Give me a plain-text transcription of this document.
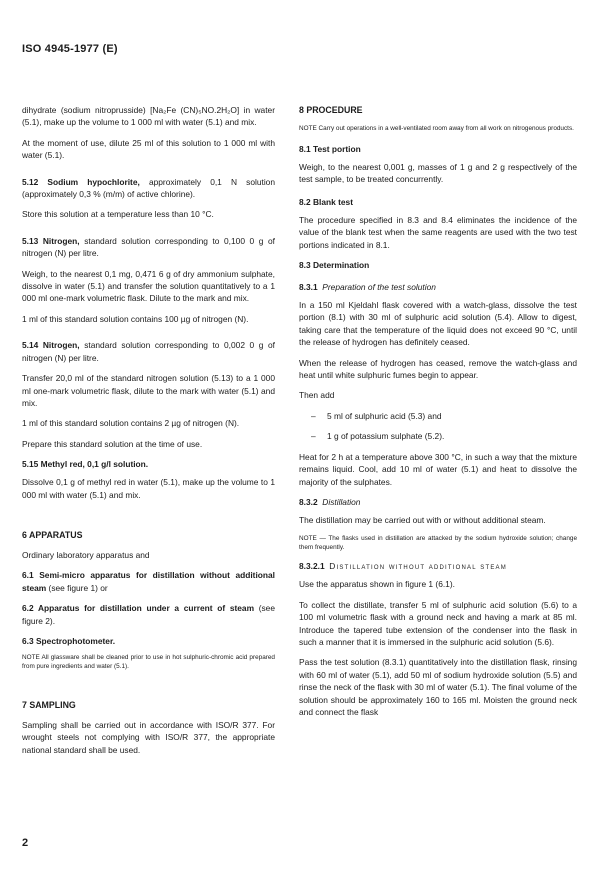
ISO 4945-1977 (E)

dihydrate (sodium nitroprusside) [Na₂Fe (CN)₅NO.2H₂O] in water (5.1), make up the volume to 1 000 ml with water (5.1) and mix.

At the moment of use, dilute 25 ml of this solution to 1 000 ml with water (5.1).

5.12 Sodium hypochlorite, approximately 0,1 N solution (approximately 0,3 % (m/m) of active chlorine).

Store this solution at a temperature less than 10 °C.

5.13 Nitrogen, standard solution corresponding to 0,100 0 g of nitrogen (N) per litre.

Weigh, to the nearest 0,1 mg, 0,471 6 g of dry ammonium sulphate, dissolve in water (5.1) and transfer the solution quantitatively to a 1 000 ml one-mark volumetric flask. Dilute to the mark and mix.

1 ml of this standard solution contains 100 µg of nitrogen (N).

5.14 Nitrogen, standard solution corresponding to 0,002 0 g of nitrogen (N) per litre.

Transfer 20,0 ml of the standard nitrogen solution (5.13) to a 1 000 ml one-mark volumetric flask, dilute to the mark with water (5.1) and mix.

1 ml of this standard solution contains 2 µg of nitrogen (N).

Prepare this standard solution at the time of use.

5.15 Methyl red, 0,1 g/l solution.

Dissolve 0,1 g of methyl red in water (5.1), make up the volume to 1 000 ml with water (5.1) and mix.

6 APPARATUS

Ordinary laboratory apparatus and

6.1 Semi-micro apparatus for distillation without additional steam (see figure 1) or

6.2 Apparatus for distillation under a current of steam (see figure 2).

6.3 Spectrophotometer.

NOTE All glassware shall be cleaned prior to use in hot sulphuric-chromic acid prepared from pure ingredients and water (5.1).

7 SAMPLING

Sampling shall be carried out in accordance with ISO/R 377. For wrought steels not complying with ISO/R 377, the appropriate national standard shall be used.

8 PROCEDURE

NOTE Carry out operations in a well-ventilated room away from all work on nitrogenous products.

8.1 Test portion

Weigh, to the nearest 0,001 g, masses of 1 g and 2 g respectively of the test sample, to be treated concurrently.

8.2 Blank test

The procedure specified in 8.3 and 8.4 eliminates the incidence of the value of the blank test when the same reagents are used with the two test portions indicated in 8.1.

8.3 Determination
8.3.1 Preparation of the test solution

In a 150 ml Kjeldahl flask covered with a watch-glass, dissolve the test portion (8.1) with 30 ml of sulphuric acid solution (5.4). Allow to digest, taking care that the temperature of the liquid does not exceed 90 °C, until the release of hydrogen has definitely ceased.

When the release of hydrogen has ceased, remove the watch-glass and heat until white sulphuric fumes begin to appear.

Then add

–	5 ml of sulphuric acid (5.3) and
–	1 g of potassium sulphate (5.2).

Heat for 2 h at a temperature above 300 °C, in such a way that the mixture remains liquid. Cool, add 10 ml of water (5.1) and heat to dissolve the majority of the sulphates.

8.3.2 Distillation

The distillation may be carried out with or without additional steam.

NOTE — The flasks used in distillation are attacked by the sodium hydroxide solution; change them frequently.

8.3.2.1 Distillation without additional steam

Use the apparatus shown in figure 1 (6.1).

To collect the distillate, transfer 5 ml of sulphuric acid solution (5.6) to a 100 ml volumetric flask with a ground neck and having a mark at 85 ml. Introduce the tapered tube extension of the condenser into the flask in such a manner that it is immersed in the sulphuric acid solution (5.6).

Pass the test solution (8.3.1) quantitatively into the distillation flask, rinsing with 60 ml of water (5.1), add 50 ml of sodium hydroxide solution (5.5) and rinse the neck of the flask with 30 ml of water (5.1). The final volume of the solution should be approximately 160 to 165 ml. Moisten the ground neck and connect the flask

2
